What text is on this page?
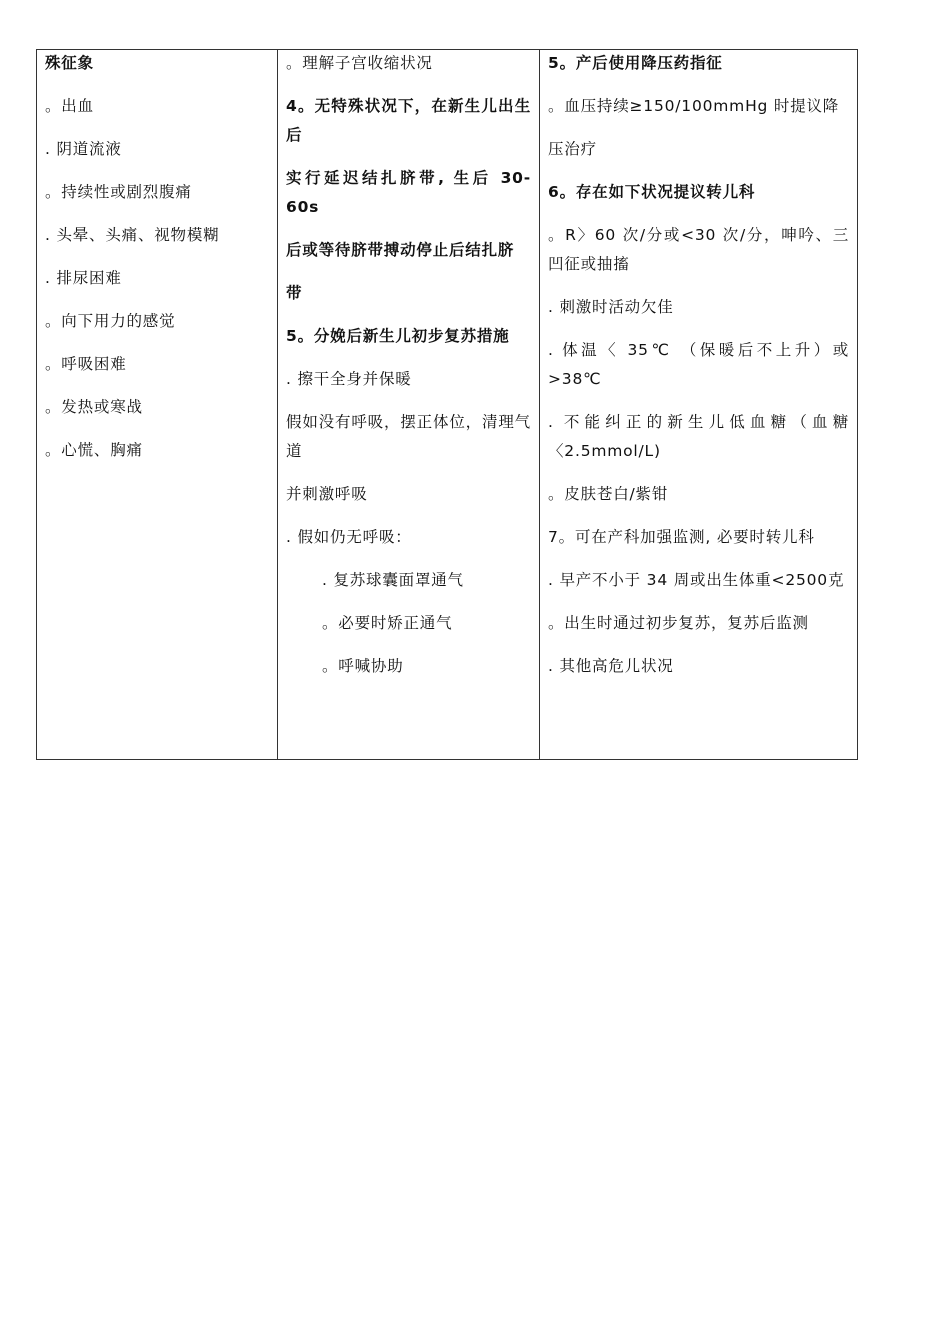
殊征象
。出血
. 阴道流液
。持续性或剧烈腹痛
. 头晕、头痛、视物模糊
. 排尿困难
。向下用力的感觉
。呼吸困难
。发热或寒战
。心慌、胸痛
。理解子宫收缩状况
4。无特殊状况下，在新生儿出生后
实行延迟结扎脐带, 生后 30-60s
后或等待脐带搏动停止后结扎脐
带
5。分娩后新生儿初步复苏措施
. 擦干全身并保暖
假如没有呼吸，摆正体位，清理气道
并刺激呼吸
. 假如仍无呼吸：
. 复苏球囊面罩通气
。必要时矫正通气
。呼喊协助
5。产后使用降压药指征
。血压持续≥150/100mmHg 时提议降
压治疗
6。存在如下状况提议转儿科
。R〉60 次/分或<30 次/分，呻吟、三凹征或抽搐
. 刺激时活动欠佳
. 体温〈 35℃ （保暖后不上升）或>38℃
. 不能纠正的新生儿低血糖（血糖〈2.5mmol/L)
。皮肤苍白/紫钳
7。可在产科加强监测, 必要时转儿科
. 早产不小于 34 周或出生体重<2500克
。出生时通过初步复苏，复苏后监测
. 其他高危儿状况
